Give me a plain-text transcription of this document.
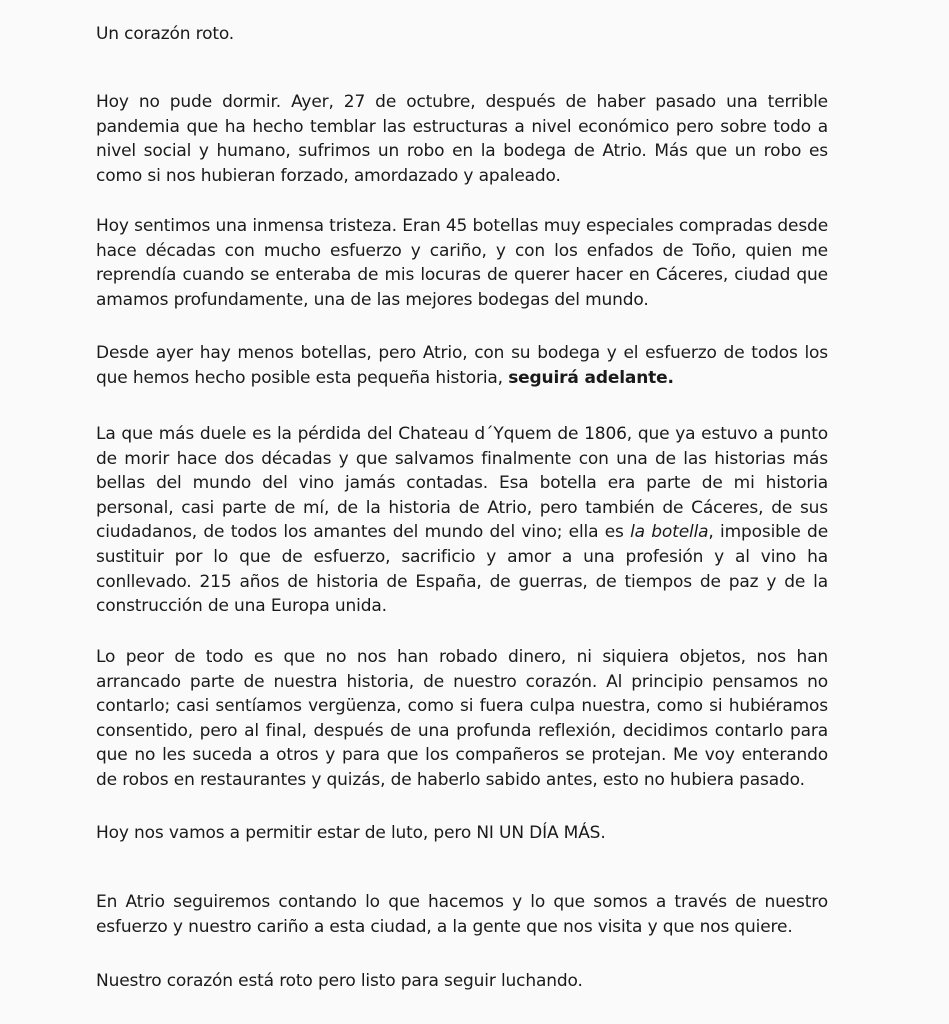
Un corazón roto.

Hoy no pude dormir. Ayer, 27 de octubre, después de haber pasado una terrible pandemia que ha hecho temblar las estructuras a nivel económico pero sobre todo a nivel social y humano, sufrimos un robo en la bodega de Atrio. Más que un robo es como si nos hubieran forzado, amordazado y apaleado.

Hoy sentimos una inmensa tristeza. Eran 45 botellas muy especiales compradas desde hace décadas con mucho esfuerzo y cariño, y con los enfados de Toño, quien me reprendía cuando se enteraba de mis locuras de querer hacer en Cáceres, ciudad que amamos profundamente, una de las mejores bodegas del mundo.

Desde ayer hay menos botellas, pero Atrio, con su bodega y el esfuerzo de todos los que hemos hecho posible esta pequeña historia, seguirá adelante.

La que más duele es la pérdida del Chateau d´Yquem de 1806, que ya estuvo a punto de morir hace dos décadas y que salvamos finalmente con una de las historias más bellas del mundo del vino jamás contadas. Esa botella era parte de mi historia personal, casi parte de mí, de la historia de Atrio, pero también de Cáceres, de sus ciudadanos, de todos los amantes del mundo del vino; ella es la botella, imposible de sustituir por lo que de esfuerzo, sacrificio y amor a una profesión y al vino ha conllevado. 215 años de historia de España, de guerras, de tiempos de paz y de la construcción de una Europa unida.

Lo peor de todo es que no nos han robado dinero, ni siquiera objetos, nos han arrancado parte de nuestra historia, de nuestro corazón. Al principio pensamos no contarlo; casi sentíamos vergüenza, como si fuera culpa nuestra, como si hubiéramos consentido, pero al final, después de una profunda reflexión, decidimos contarlo para que no les suceda a otros y para que los compañeros se protejan. Me voy enterando de robos en restaurantes y quizás, de haberlo sabido antes, esto no hubiera pasado.

Hoy nos vamos a permitir estar de luto, pero NI UN DÍA MÁS.

En Atrio seguiremos contando lo que hacemos y lo que somos a través de nuestro esfuerzo y nuestro cariño a esta ciudad, a la gente que nos visita y que nos quiere.

Nuestro corazón está roto pero listo para seguir luchando.
